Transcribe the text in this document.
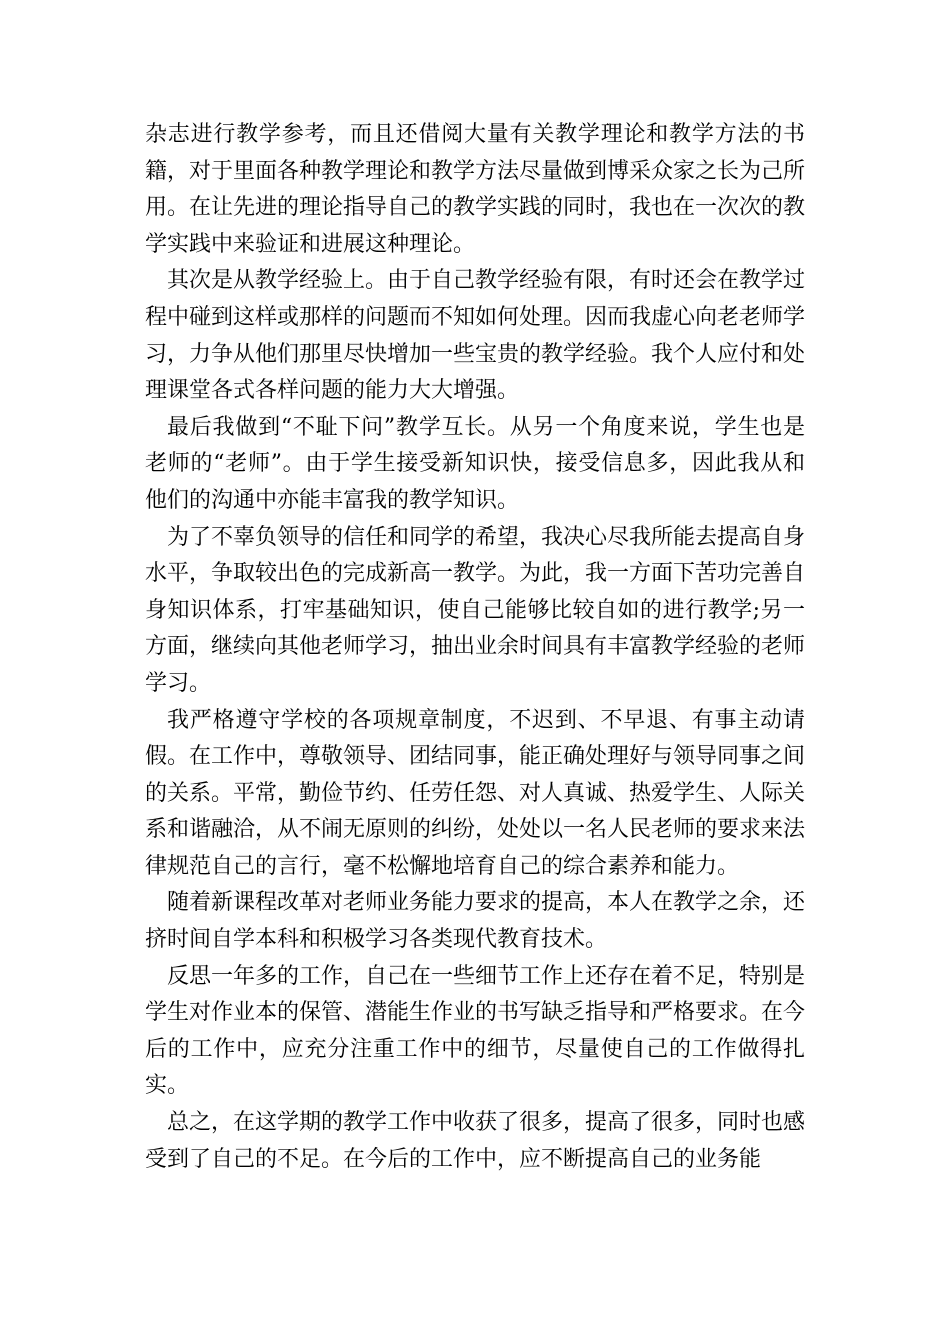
杂志进行教学参考，而且还借阅大量有关教学理论和教学方法的书籍，对于里面各种教学理论和教学方法尽量做到博采众家之长为己所用。在让先进的理论指导自己的教学实践的同时，我也在一次次的教学实践中来验证和进展这种理论。

其次是从教学经验上。由于自己教学经验有限，有时还会在教学过程中碰到这样或那样的问题而不知如何处理。因而我虚心向老老师学习，力争从他们那里尽快增加一些宝贵的教学经验。我个人应付和处理课堂各式各样问题的能力大大增强。

最后我做到“不耻下问”教学互长。从另一个角度来说，学生也是老师的“老师”。由于学生接受新知识快，接受信息多，因此我从和他们的沟通中亦能丰富我的教学知识。

为了不辜负领导的信任和同学的希望，我决心尽我所能去提高自身水平，争取较出色的完成新高一教学。为此，我一方面下苦功完善自身知识体系，打牢基础知识，使自己能够比较自如的进行教学;另一方面，继续向其他老师学习，抽出业余时间具有丰富教学经验的老师学习。

我严格遵守学校的各项规章制度，不迟到、不早退、有事主动请假。在工作中，尊敬领导、团结同事，能正确处理好与领导同事之间的关系。平常，勤俭节约、任劳任怨、对人真诚、热爱学生、人际关系和谐融洽，从不闹无原则的纠纷，处处以一名人民老师的要求来法律规范自己的言行，毫不松懈地培育自己的综合素养和能力。

随着新课程改革对老师业务能力要求的提高，本人在教学之余，还挤时间自学本科和积极学习各类现代教育技术。

反思一年多的工作，自己在一些细节工作上还存在着不足，特别是学生对作业本的保管、潜能生作业的书写缺乏指导和严格要求。在今后的工作中，应充分注重工作中的细节，尽量使自己的工作做得扎实。

总之，在这学期的教学工作中收获了很多，提高了很多，同时也感受到了自己的不足。在今后的工作中，应不断提高自己的业务能
